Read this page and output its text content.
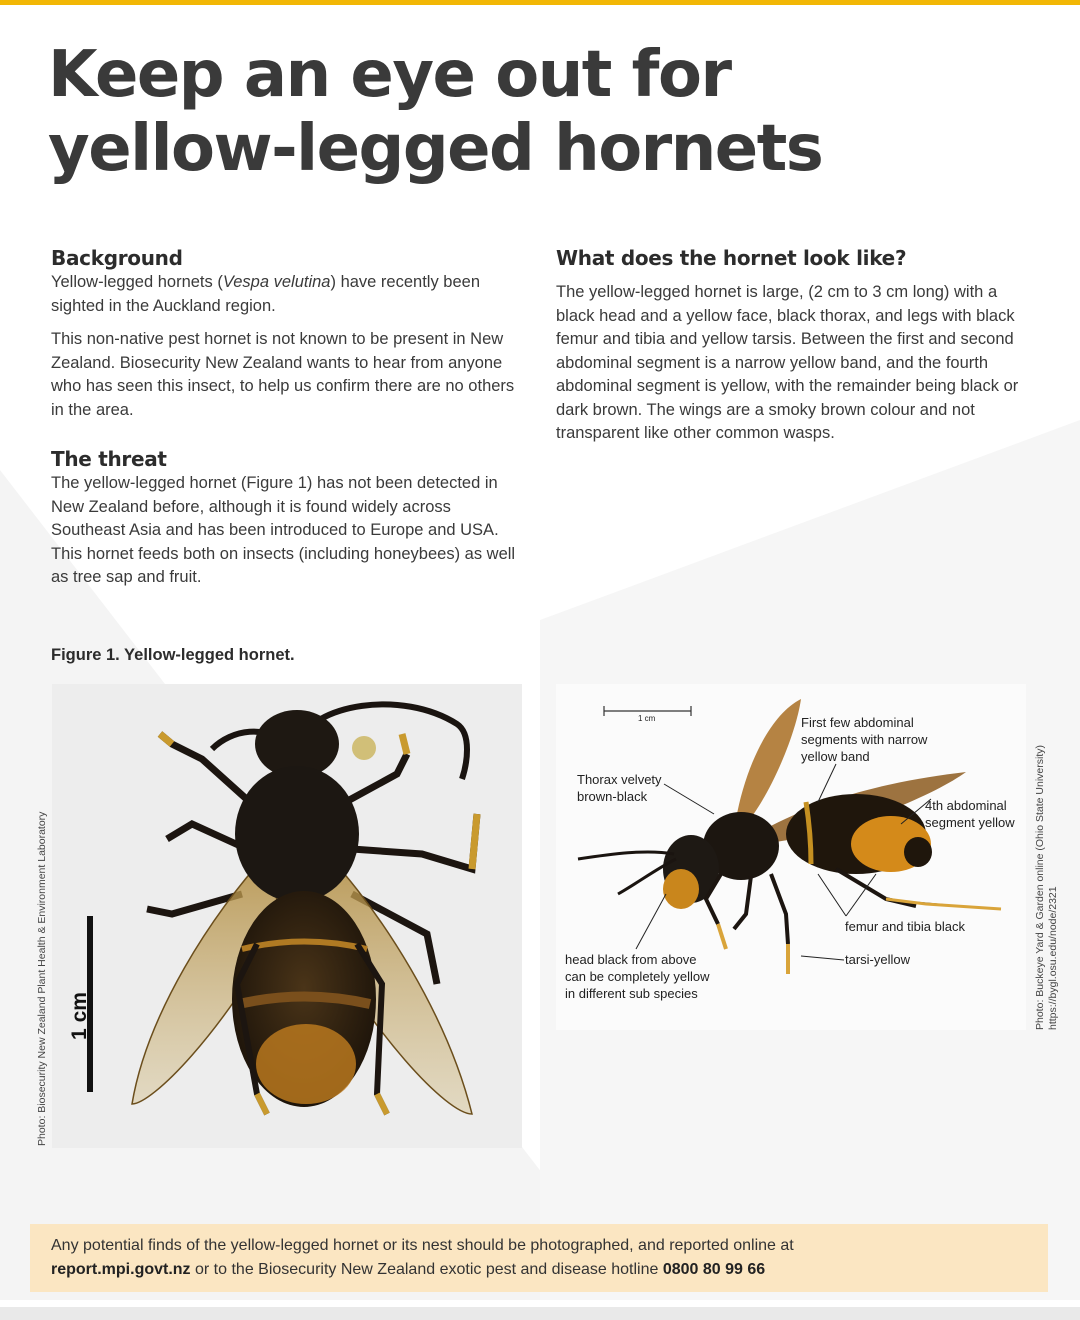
Keep an eye out for
yellow-legged hornets
Background

Yellow-legged hornets (Vespa velutina) have recently been sighted in the Auckland region.

This non-native pest hornet is not known to be present in New Zealand. Biosecurity New Zealand wants to hear from anyone who has seen this insect, to help us confirm there are no others in the area.

The threat

The yellow-legged hornet (Figure 1) has not been detected in New Zealand before, although it is found widely across Southeast Asia and has been introduced to Europe and USA. This hornet feeds both on insects (including honeybees) as well as tree sap and fruit.

What does the hornet look like?

The yellow-legged hornet is large, (2 cm to 3 cm long) with a black head and a yellow face, black thorax, and legs with black femur and tibia and yellow tarsis. Between the first and second abdominal segment is a narrow yellow band, and the fourth abdominal segment is yellow, with the remainder being black or dark brown. The wings are a smoky brown colour and not transparent like other common wasps.

Figure 1. Yellow-legged hornet.
1 cm
Photo: Biosecurity New Zealand Plant Health & Environment Laboratory
1 cm
Thorax velvety
brown-black
First few abdominal
segments with narrow
yellow band
4th abdominal
segment yellow
femur and tibia black
tarsi-yellow
head black from above
can be completely yellow
in different sub species	Photo: Buckeye Yard & Garden online (Ohio State University) https://bygl.osu.edu/node/2321
Any potential finds of the yellow-legged hornet or its nest should be photographed, and reported online at
report.mpi.govt.nz or to the Biosecurity New Zealand exotic pest and disease hotline 0800 80 99 66
